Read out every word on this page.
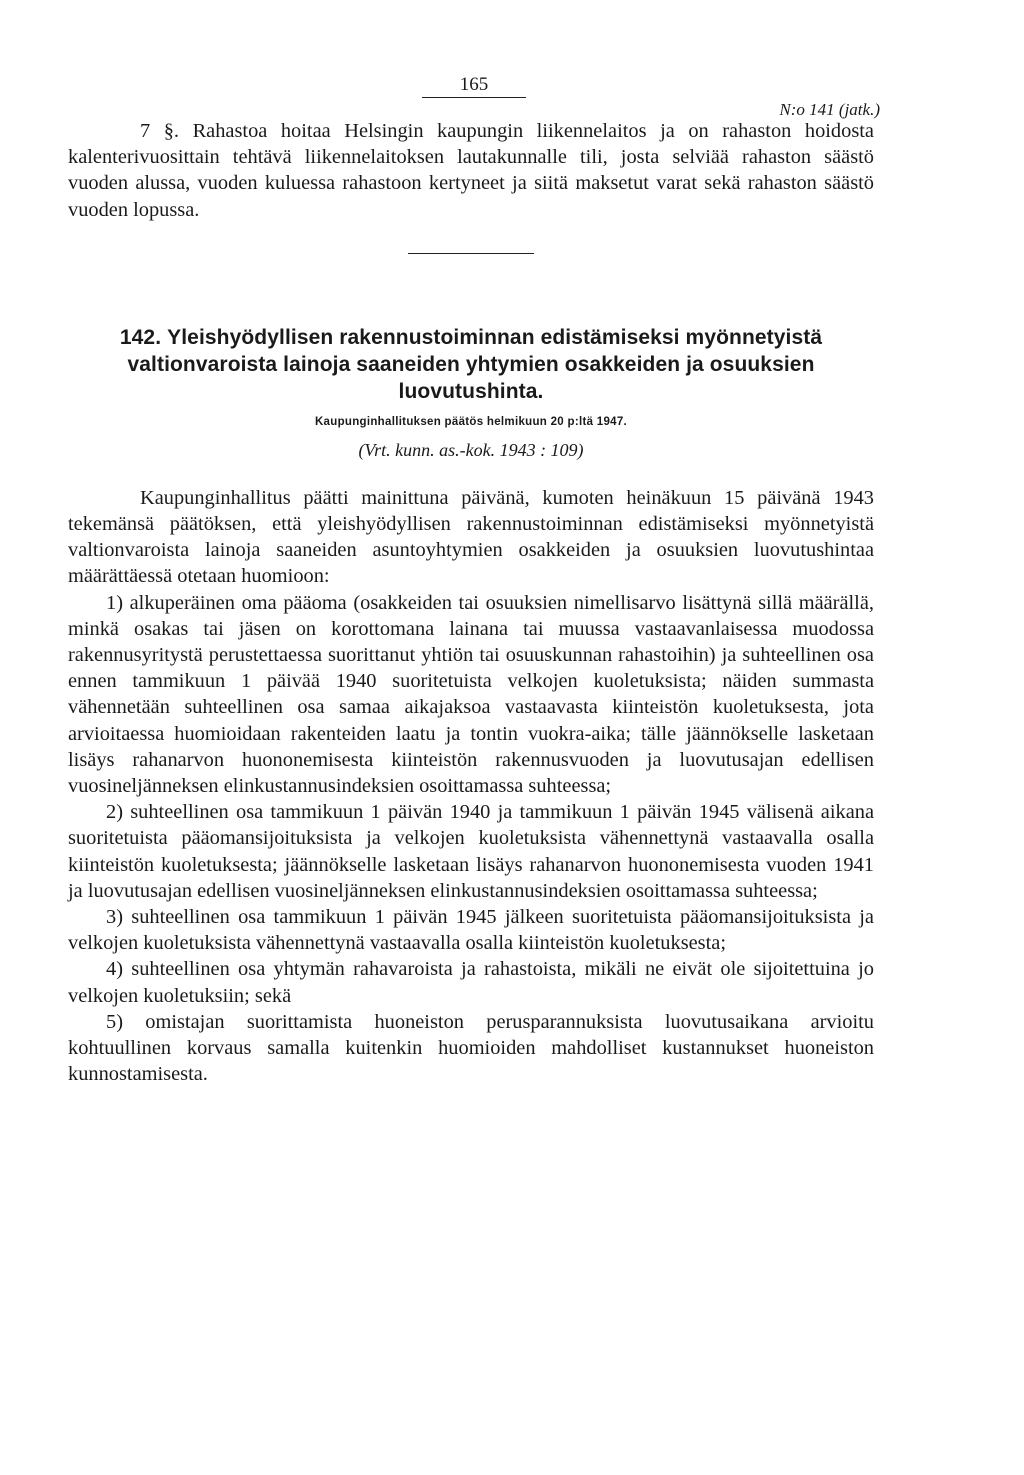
165
N:o 141 (jatk.)

7 §. Rahastoa hoitaa Helsingin kaupungin liikennelaitos ja on rahaston hoidosta kalenterivuosittain tehtävä liikennelaitoksen lautakunnalle tili, josta selviää rahaston säästö vuoden alussa, vuoden kuluessa rahastoon kertyneet ja siitä maksetut varat sekä rahaston säästö vuoden lopussa.

142. Yleishyödyllisen rakennustoiminnan edistämiseksi myönnetyistä valtionvaroista lainoja saaneiden yhtymien osakkeiden ja osuuksien luovutushinta.
Kaupunginhallituksen päätös helmikuun 20 p:ltä 1947.
(Vrt. kunn. as.-kok. 1943 : 109)

Kaupunginhallitus päätti mainittuna päivänä, kumoten heinäkuun 15 päivänä 1943 tekemänsä päätöksen, että yleishyödyllisen rakennustoiminnan edistämiseksi myönnetyistä valtionvaroista lainoja saaneiden asuntoyhtymien osakkeiden ja osuuksien luovutushintaa määrättäessä otetaan huomioon:

1) alkuperäinen oma pääoma (osakkeiden tai osuuksien nimellisarvo lisättynä sillä määrällä, minkä osakas tai jäsen on korottomana lainana tai muussa vastaavanlaisessa muodossa rakennusyritystä perustettaessa suorittanut yhtiön tai osuuskunnan rahastoihin) ja suhteellinen osa ennen tammikuun 1 päivää 1940 suoritetuista velkojen kuoletuksista; näiden summasta vähennetään suhteellinen osa samaa aikajaksoa vastaavasta kiinteistön kuoletuksesta, jota arvioitaessa huomioidaan rakenteiden laatu ja tontin vuokra-aika; tälle jäännökselle lasketaan lisäys rahanarvon huononemisesta kiinteistön rakennusvuoden ja luovutusajan edellisen vuosineljänneksen elinkustannusindeksien osoittamassa suhteessa;

2) suhteellinen osa tammikuun 1 päivän 1940 ja tammikuun 1 päivän 1945 välisenä aikana suoritetuista pääomansijoituksista ja velkojen kuoletuksista vähennettynä vastaavalla osalla kiinteistön kuoletuksesta; jäännökselle lasketaan lisäys rahanarvon huononemisesta vuoden 1941 ja luovutusajan edellisen vuosineljänneksen elinkustannusindeksien osoittamassa suhteessa;

3) suhteellinen osa tammikuun 1 päivän 1945 jälkeen suoritetuista pääomansijoituksista ja velkojen kuoletuksista vähennettynä vastaavalla osalla kiinteistön kuoletuksesta;

4) suhteellinen osa yhtymän rahavaroista ja rahastoista, mikäli ne eivät ole sijoitettuina jo velkojen kuoletuksiin; sekä

5) omistajan suorittamista huoneiston perusparannuksista luovutusaikana arvioitu kohtuullinen korvaus samalla kuitenkin huomioiden mahdolliset kustannukset huoneiston kunnostamisesta.
